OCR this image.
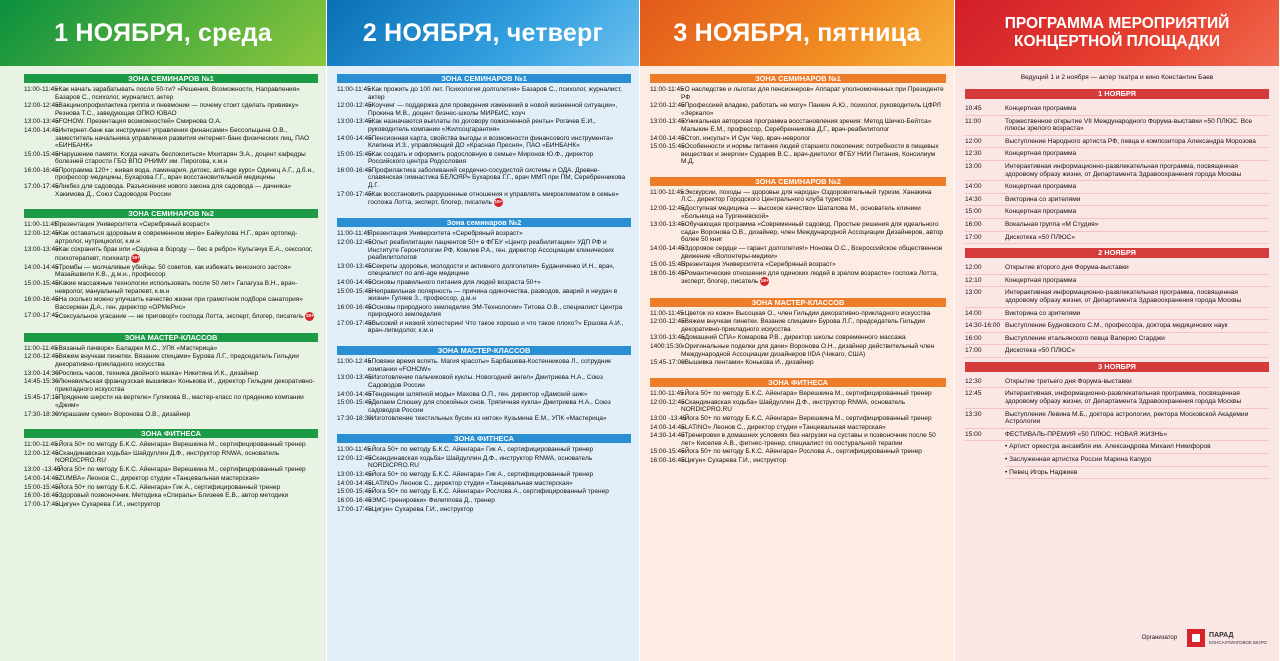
1 НОЯБРЯ, среда
ЗОНА СЕМИНАРОВ №1
11:00-11:45
«Как начать зарабатывать после 50-ти? «Решения, Возможности, Направления» Базаров С., психолог, журналист, актер
12:00-12:45
«Вакцинопрофилактика гриппа и пневмонии — почему стоит сделать прививку» Резнова Т.С., заведующая ОПКО ЮВАО
13:00-13:45
«FOHOW. Презентация возможностей» Смирнова О.А.
14:00-14:45
«Интернет-банк как инструмент управления финансами» Бессольцына О.В., заместитель начальника управления развития интернет-банк физических лиц, ПАО «БИНБАНК»
15:00-15:45
«Нарушение памяти. Когда начать беспокоиться» Мхитарян Э.А., доцент кафедры болезней старости ГБО ВПО РНИМУ им. Пирогова, к.м.н
16:00-16:45
«Программа 120+ ; живая вода, ламинария, детокс, anti-age курс» Одинец А.Г., д.б.н., профессор медицины, Бухарова Г.Г., врач восстановительной медицины
17:00-17:45
«Ликбез для садовода. Разъяснения нового закона для садовода — дачника» Хакимова Д., Союз Садоводов России
ЗОНА СЕМИНАРОВ №2
11:00-11:45
Презентация Университета «Серебряный возраст»
12:00-12:45
«Как оставаться здоровым в современном мире» Байкулова Н.Г., врач ортопед-артролог, нутрициолог, к.м.н
13:00-13:45
«Как сохранить брак или «Седина в бороду — бес в ребро» Кульгачук Е.А., сексолог, психотерапевт, психиатр 18+
14:00-14:45
«Тромбы — молчаливые убийцы. 50 советов, как избежать венозного застоя» Мазайшвили К.В., д.м.н., профессор
15:00-15:45
«Какие массажные технологии использовать после 50 лет» Галагуза В.Н., врач-невролог, мануальный терапевт, к.м.н
16:00-16:45
«На сколько можно улучшить качество жизни при грамотном подборе санатория» Вассерман Д.А., ген. директор «ОРМеРис»
17:00-17:45
«Сексуальное угасание — не приговор!» господа Лотта, эксперт, блогер, писатель 18+
ЗОНА МАСТЕР-КЛАССОВ
11:00-11:45
«Вязаный пачворк» Баладжи М.С., УПК «Мастерица»
12:00-12:45
«Вяжем внучкам пинетки. Вязание спицами» Бурова Л.Г., председатель Гильдии декоративно-прикладного искусства
13:00-14:30
«Роспись часов, техника двойного мазка» Никитина И.К., дизайнер
14:45-15:30
«Люневильская французская вышивка» Конькова И., директор Гильдии декоративно-прикладного искусства
15:45-17:15
«Прядение шерсти на вертеле» Гулякова В., мастер-класс по прядению компании «Джим»
17:30-18:30
«Украшаем сумки» Воронова О.В., дизайнер
ЗОНА ФИТНЕСА
11:00-11:45
«Йога 50+ по методу Б.К.С. Айенгара» Верешкина М., сертифицированный тренер
12:00-12:45
«Скандинавская ходьба» Шайдуллин Д.Ф., инструктор RNWA, основатель NORDICPRO.RU
13:00 -13:45
«Йога 50+ по методу Б.К.С. Айенгара» Верешкина М., сертифицированный тренер
14:00-14:45
«ZUMBA» Леонов С., директор студии «Танцевальная мастерская»
15:00-15:45
«Йога 50+ по методу Б.К.С. Айенгара» Гик А., сертифицированный тренер
16:00-16:45
«Здоровый позвоночник. Методика «Спираль» Близеев Е.В., автор методики
17:00-17:45
«Цигун» Сухарева Г.И., инструктор
2 НОЯБРЯ, четверг
ЗОНА СЕМИНАРОВ №1
11:00-11:45
«Как прожить до 100 лет. Психология долголетия» Базаров С., психолог, журналист, актер
12:00-12:45
«Коучинг — поддержка для проведения изменений в новой жизненной ситуации», Прокина М.В., доцент бизнес-школы МИРБИС, коуч
13:00-13:45
«Как назначаются выплаты по договору пожизненной ренты» Рогачев Е.И., руководитель компании «Жилсоцгарантия»
14:00-14:45
«Пенсионная карта, свойства выгоды и возможности финансового инструмента» Клепина И.З., управляющий ДО «Красная Пресня», ПАО «БИНБАНК»
15:00-15:45
«Как создать и оформить родословную в семье» Миронов Ю.Ф., директор Российского центра Родословия
16:00-16:45
«Профилактика заболеваний сердечно-сосудистой системы и ОДА. Древне-славянская гимнастика БЕЛОЯР» Бухарова Г.Г., врач ММП при ПМ, Серебренникова Д.Г.
17:00-17:45
«Как восстановить разрушенные отношения и управлять микроклиматом в семье» госпожа Лотта, эксперт, блогер, писатель 18+
Зона семинаров №2
11:00-11:45
Презентация Университета «Серебряный возраст»
12:00-12:45
«Опыт реабилитации пациентов 50+ в ФГБУ «Центр реабилитации» УДП РФ и Институте Геронтологии РФ, Комлев Р.А., ген. директор Ассоциации клинических реабилитологов
13:00-13:45
«Секреты здоровья, молодости и активного долголетия» Буданиченко И.Н., врач, специалист по anti-age медицине
14:00-14:45
«Основы правильного питания для людей возраста 50+»
15:00-15:45
«Неправильная полярность — причина одиночества, разводов, аварий и неудач в жизни» Гуляев З., профессор, д.м.н
16:00-16:45
«Основы природного земледелия ЭМ-Технологии» Титова О.В., специалист Центра природного земледелия
17:00-17:45
«Высокий и низкий холестерин! Что такое хорошо и что такое плохо?» Ершова А.И., врач-липидолог, к.м.н
ЗОНА МАСТЕР-КЛАССОВ
11:00-12:45
«Повяжи время вспять. Магия красоты» Барбашева-Костенникова Л., сотрудник компании «FOHOW»
13:00-13:45
«Изготовление пальчиковой куклы. Новогодний ангел» Дмитриева Н.А., Союз Садоводов России
14:00-14:45
«Тенденции шляпной моды» Махова О.П., ген. директор «Дамский шик»
15:00-15:45
«Делаем Слюшку для спокойных снов. Тряпичная кукла» Дмитриева Н.А., Союз садоводов России
17:30-18:30
«Изготовление текстильных бусин из ниток» Кузьмина Е.М., УПК «Мастерица»
ЗОНА ФИТНЕСА
11:00-11:45
«Йога 50+ по методу Б.К.С. Айенгара» Гик А., сертифицированный тренер
12:00-12:45
«Скандинавская ходьба» Шайдуллин Д.Ф., инструктор RNWA, основатель NORDICPRO.RU
13:00-13:45
«Йога 50+ по методу Б.К.С. Айенгара» Гик А., сертифицированный тренер
14:00-14:45
«LATINO» Леонов С., директор студии «Танцевальная мастерская»
15:00-15:45
«Йога 50+ по методу Б.К.С. Айенгара» Рослова А., сертифицированный тренер
16:00-16:45
«ЭМС-тренировки» Филиппова Д., тренер
17:00-17:45
«Цигун» Сухарева Г.И., инструктор
3 НОЯБРЯ, пятница
ЗОНА СЕМИНАРОВ №1
11:00-11:45
«О наследстве и льготах для пенсионеров» Аппарат уполномоченных при Президенте РФ
12:00-12:45
«Профессией владею, работать не могу» Панкин А.Ю., психолог, руководитель ЦФРЛ «Зеркало»
13:00-13:45
«Уникальная авторская программа восстановления зрения: Метод Шичко-Бейтса» Малыкин Е.М., профессор, Серебренникова Д.Г., врач-реабилитолог
14:00-14:45
«Стоп, инсульт» И Сун Чер, врач-невролог
15:00-15:45
«Особенности и нормы питания людей старшего поколения: потребности в пищевых веществах и энергии» Сударев В.С., врач-диетолог ФГБУ НИИ Питания, Консилиум М.Д.
ЗОНА СЕМИНАРОВ №2
11:00-11:45
«Экскурсии, походы — здоровье для народа» Оздоровительный туризм, Ханакина Л.С., директор Городского Центрального клуба туристов
12:00-12:45
«Доступная медицина — высокое качество» Шаталова М., основатель клиники «Больница на Тургеневской»
13:00-13:45
«Обучающая программа «Современный садовод. Простые решения для идеального сада» Воронова О.В., дизайнер, член Международной Ассоциации Дизайнеров, автор более 50 книг
14:00-14:45
«Здоровое сердце — гарант долголетия!» Нонова О.С., Всероссийское общественное движение «Волонтеры-медики»
15:00-15:45
Презентация Университета «Серебряный возраст»
16:00-16:45
«Романтические отношения для одиноких людей в зрелом возрасте» госпожа Лотта, эксперт, блогер, писатель 18+
ЗОНА МАСТЕР-КЛАССОВ
11:00-11:45
«Цветок из кожи» Высоцкая О., член Гильдии декоративно-прикладного искусства
12:00-12:45
«Вяжем внучкам пинетки. Вязание спицами» Бурова Л.Г., председатель Гильдии декоративно-прикладного искусства
13:00-13:45
«Домашний СПА» Комарова Р.В., директор школы современного массажа
1400:15:30
«Оригинальные поделки для дачи» Воронова О.Н., дизайнер действительный член Международной Ассоциации дизайнеров IIDA (Чикаго, США)
15:45-17:00
«Вышивка лентами» Конькова И., дизайнер
ЗОНА ФИТНЕСА
11:00-11:45
«Йога 50+ по методу Б.К.С. Айенгара» Верешкина М., сертифицированный тренер
12:00-12:45
«Скандинавская ходьба» Шайдуллин Д.Ф., инструктор RNWA, основатель NORDICPRO.RU
13:00 -13:45
«Йога 50+ по методу Б.К.С. Айенгара» Верешкина М., сертифицированный тренер
14:00-14:45
«LATINO» Леонов С., директор студии «Танцевальная мастерская»
14:30-14:45
«Тренировки в домашних условиях без нагрузки на суставы и позвоночник после 50 лет» Киселев А.В., фитнес-тренер, специалист по постуральной терапии
15:00-15:45
«Йога 50+ по методу Б.К.С. Айенгара» Рослова А., сертифицированный тренер
16:00-16:45
«Цигун» Сухарева Г.И., инструктор
ПРОГРАММА МЕРОПРИЯТИЙ
КОНЦЕРТНОЙ ПЛОЩАДКИ
Ведущий 1 и 2 ноября — актер театра и кино Константин Баев
1 НОЯБРЯ
10:45	Концертная программа
11:00	Торжественное открытие VII Международного Форума-выставки «50 ПЛЮС. Все плюсы зрелого возраста»
12:00	Выступление Народного артиста РФ, певца и композитора Александра Морозова
12:30	Концертная программа
13:00	Интерактивная информационно-развлекательная программа, посвященная здоровому образу жизни, от Департамента Здравоохранения города Москвы
14:00	Концертная программа
14:30	Викторина со зрителями
15:00	Концертная программа
16:00	Вокальная группа «М Студия»
17:00	Дискотека «50 ПЛЮС»
2 НОЯБРЯ
12:00	Открытие второго дня Форума-выставки
12:10	Концертная программа
13:00	Интерактивная информационно-развлекательная программа, посвященная здоровому образу жизни, от Департамента Здравоохранения города Москвы
14:00	Викторина со зрителями
14:30-16:00 Выступление Будновского С.М., профессора, доктора медицинских наук
16:00	Выступление итальянского певца Валерио Сгарджи
17:00	Дискотека «50 ПЛЮС»
3 НОЯБРЯ
12:30	Открытие третьего дня Форума-выставки
12:45	Интерактивная, информационно-развлекательная программа, посвященная здоровому образу жизни, от Департамента Здравоохранения города Москвы
13:30	Выступление Левина М.Б., доктора астрологии, ректора Московской Академии Астрологии
15:00	ФЕСТИВАЛЬ-ПРЕМИЯ «50 ПЛЮС. НОВАЯ ЖИЗНЬ»
• Артист оркестра ансамбля им. Александрова Михаил Никифоров
• Заслуженная артистка России Марина Капуро
• Певец Игорь Наджиев
Организатор	ПАРАД
КОНСАЛТИНГОВОЕ БЮРО
